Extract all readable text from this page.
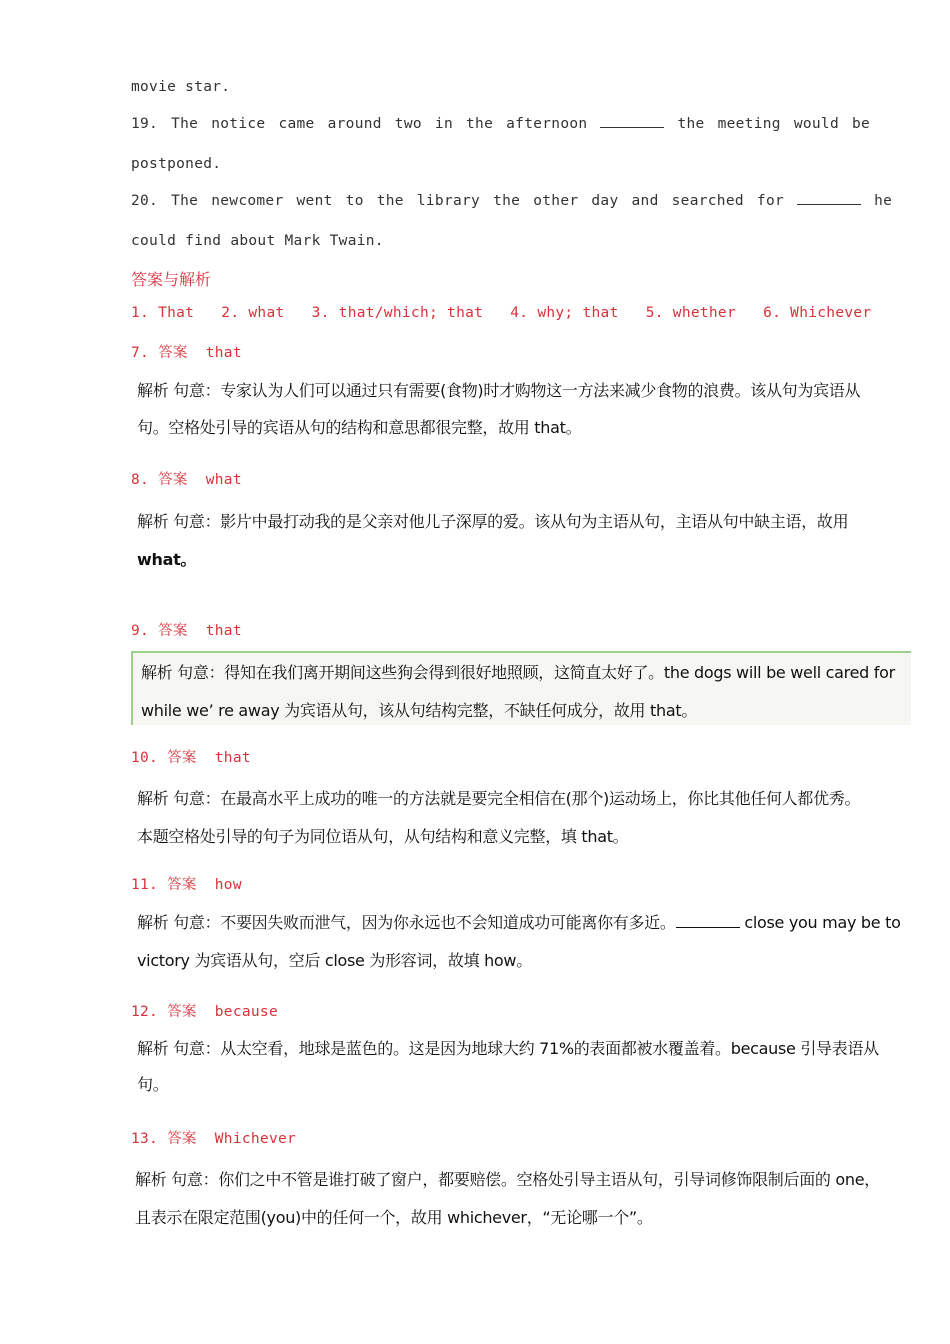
movie star.
19. The notice came around two in the afternoon	the meeting would be
postponed.
20. The newcomer went to the library the other day and searched for	he
could find about Mark Twain.
答案与解析
1. That   2. what   3. that/which; that   4. why; that   5. whether   6. Whichever
7. 答案  that
解析 句意：专家认为人们可以通过只有需要(食物)时才购物这一方法来减少食物的浪费。该从句为宾语从
句。空格处引导的宾语从句的结构和意思都很完整，故用 that。
8. 答案  what
解析 句意：影片中最打动我的是父亲对他儿子深厚的爱。该从句为主语从句，主语从句中缺主语，故用
what。
9. 答案  that
解析 句意：得知在我们离开期间这些狗会得到很好地照顾，这简直太好了。the dogs will be well cared for
while we’ re away 为宾语从句，该从句结构完整，不缺任何成分，故用 that。
10. 答案  that
解析 句意：在最高水平上成功的唯一的方法就是要完全相信在(那个)运动场上，你比其他任何人都优秀。
本题空格处引导的句子为同位语从句，从句结构和意义完整，填 that。
11. 答案  how
解析 句意：不要因失败而泄气，因为你永远也不会知道成功可能离你有多近。	close you may be to
victory 为宾语从句，空后 close 为形容词，故填 how。
12. 答案  because
解析 句意：从太空看，地球是蓝色的。这是因为地球大约 71%的表面都被水覆盖着。because 引导表语从
句。
13. 答案  Whichever
解析 句意：你们之中不管是谁打破了窗户，都要赔偿。空格处引导主语从句，引导词修饰限制后面的 one，
且表示在限定范围(you)中的任何一个，故用 whichever，“无论哪一个”。
